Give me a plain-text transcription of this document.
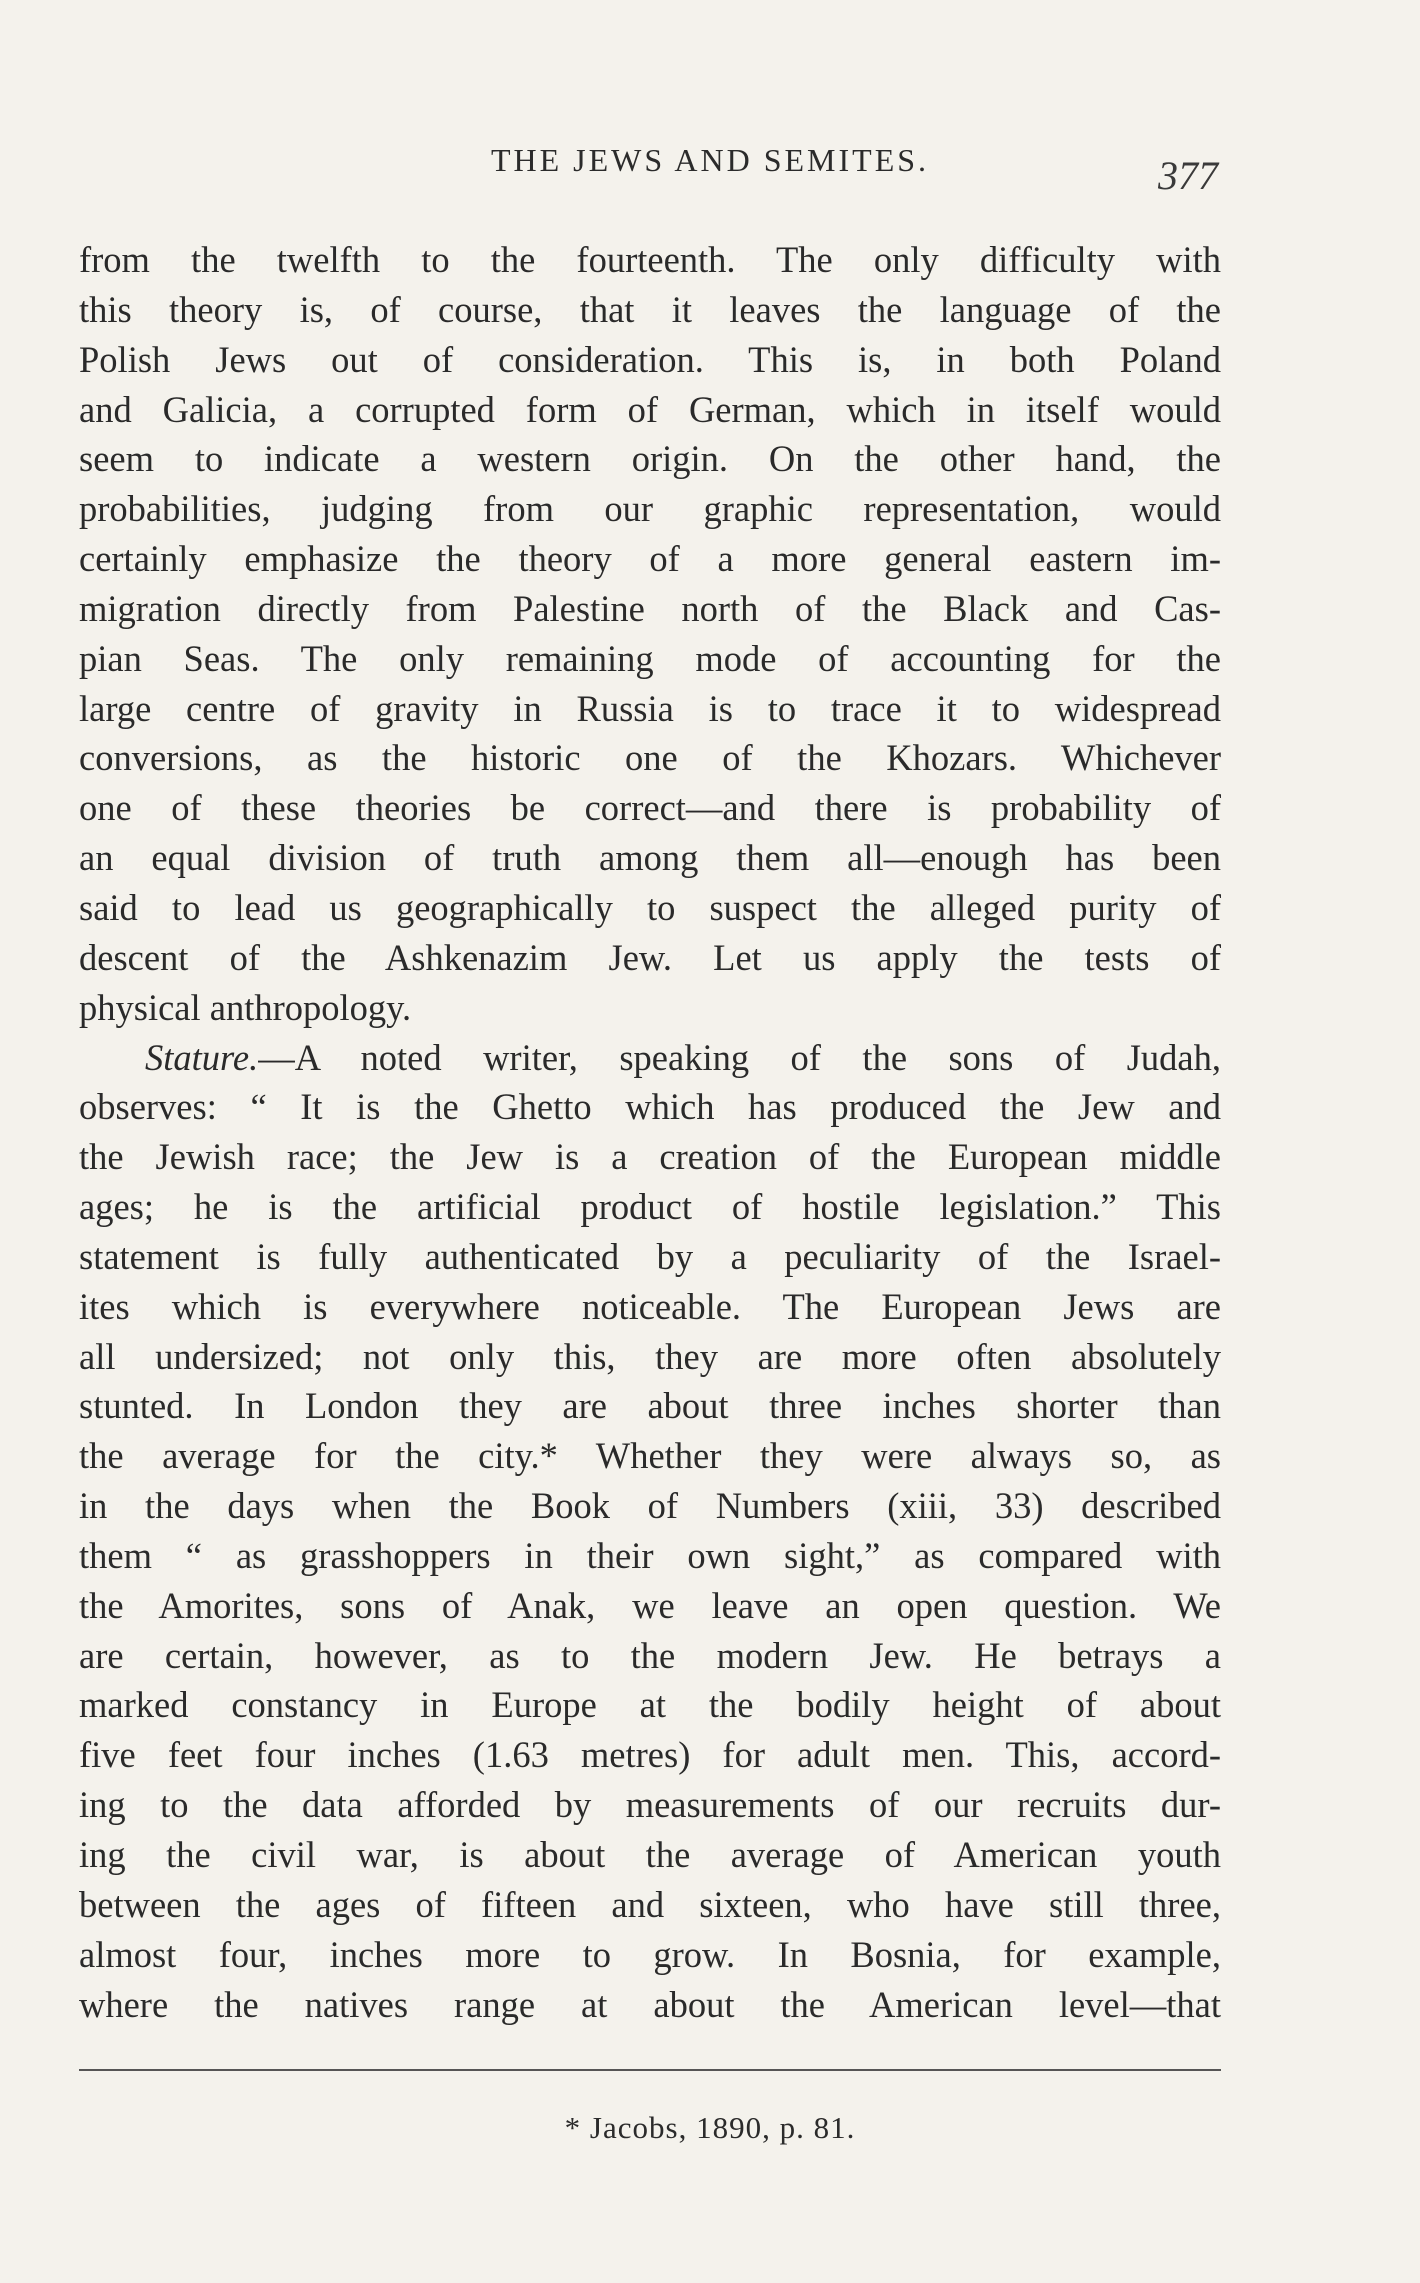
THE JEWS AND SEMITES.	377
from the twelfth to the fourteenth. The only difficulty with
this theory is, of course, that it leaves the language of the
Polish Jews out of consideration. This is, in both Poland
and Galicia, a corrupted form of German, which in itself would
seem to indicate a western origin. On the other hand, the
probabilities, judging from our graphic representation, would
certainly emphasize the theory of a more general eastern im-
migration directly from Palestine north of the Black and Cas-
pian Seas. The only remaining mode of accounting for the
large centre of gravity in Russia is to trace it to widespread
conversions, as the historic one of the Khozars. Whichever
one of these theories be correct—and there is probability of
an equal division of truth among them all—enough has been
said to lead us geographically to suspect the alleged purity of
descent of the Ashkenazim Jew. Let us apply the tests of
physical anthropology.
Stature.—A noted writer, speaking of the sons of Judah,
observes: “ It is the Ghetto which has produced the Jew and
the Jewish race; the Jew is a creation of the European middle
ages; he is the artificial product of hostile legislation.” This
statement is fully authenticated by a peculiarity of the Israel-
ites which is everywhere noticeable. The European Jews are
all undersized; not only this, they are more often absolutely
stunted. In London they are about three inches shorter than
the average for the city.* Whether they were always so, as
in the days when the Book of Numbers (xiii, 33) described
them “ as grasshoppers in their own sight,” as compared with
the Amorites, sons of Anak, we leave an open question. We
are certain, however, as to the modern Jew. He betrays a
marked constancy in Europe at the bodily height of about
five feet four inches (1.63 metres) for adult men. This, accord-
ing to the data afforded by measurements of our recruits dur-
ing the civil war, is about the average of American youth
between the ages of fifteen and sixteen, who have still three,
almost four, inches more to grow. In Bosnia, for example,
where the natives range at about the American level—that
* Jacobs, 1890, p. 81.
